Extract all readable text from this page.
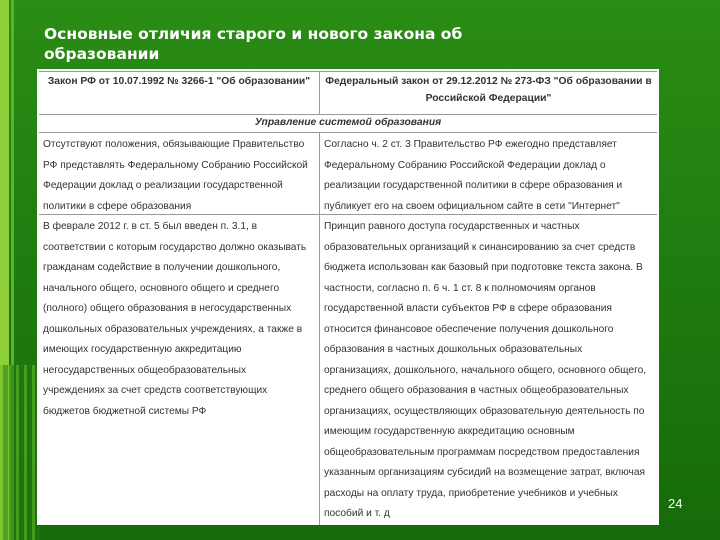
Основные отличия старого и нового закона об
образовании
Закон РФ от 10.07.1992 № 3266-1 "Об образовании"	Федеральный закон от 29.12.2012 № 273-ФЗ "Об образовании в
Российской Федерации"
Управление системой образования
Отсутствуют положения, обязывающие Правительство
РФ представлять Федеральному Собранию Российской
Федерации доклад о реализации государственной
политики в сфере образования
Согласно ч. 2 ст. 3 Правительство РФ ежегодно представляет
Федеральному Собранию Российской Федерации доклад о
реализации государственной политики в сфере образования и
публикует его на своем официальном сайте в сети "Интернет"
В феврале 2012 г. в ст. 5 был введен п. 3.1, в
соответствии с которым государство должно оказывать
гражданам содействие в получении дошкольного,
начального общего, основного общего и среднего
(полного) общего образования в негосударственных
дошкольных образовательных учреждениях, а также в
имеющих государственную аккредитацию
негосударственных общеобразовательных
учреждениях за счет средств соответствующих
бюджетов бюджетной системы РФ
Принцип равного доступа государственных и частных
образовательных организаций к синансированию за счет средств
бюджета использован как базовый при подготовке текста закона. В
частности, согласно п. 6 ч. 1 ст. 8 к полномочиям органов
государственной власти субъектов РФ в сфере образования
относится финансовое обеспечение получения дошкольного
образования в частных дошкольных образовательных
организациях, дошкольного, начального общего, основного общего,
среднего общего образования в частных общеобразовательных
организациях, осуществляющих образовательную деятельность по
имеющим государственную аккредитацию основным
общеобразовательным программам посредством предоставления
указанным организациям субсидий на возмещение затрат, включая
расходы на оплату труда, приобретение учебников и учебных
пособий и т. д
24
